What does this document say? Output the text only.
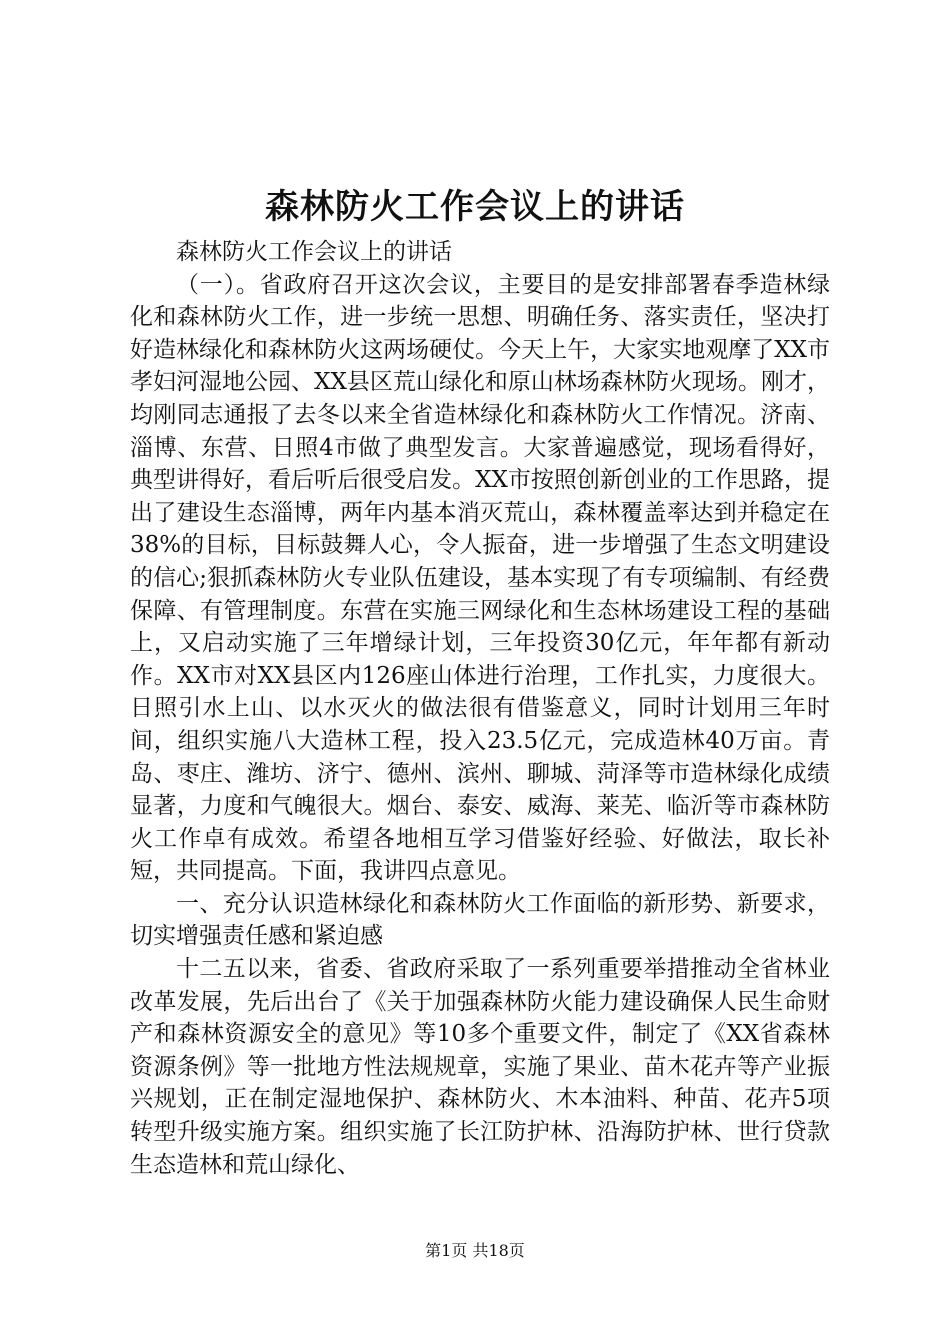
森林防火工作会议上的讲话

森林防火工作会议上的讲话

（一）。省政府召开这次会议，主要目的是安排部署春季造林绿化和森林防火工作，进一步统一思想、明确任务、落实责任，坚决打好造林绿化和森林防火这两场硬仗。今天上午，大家实地观摩了XX市孝妇河湿地公园、XX县区荒山绿化和原山林场森林防火现场。刚才，均刚同志通报了去冬以来全省造林绿化和森林防火工作情况。济南、淄博、东营、日照4市做了典型发言。大家普遍感觉，现场看得好，典型讲得好，看后听后很受启发。XX市按照创新创业的工作思路，提出了建设生态淄博，两年内基本消灭荒山，森林覆盖率达到并稳定在38%的目标，目标鼓舞人心，令人振奋，进一步增强了生态文明建设的信心;狠抓森林防火专业队伍建设，基本实现了有专项编制、有经费保障、有管理制度。东营在实施三网绿化和生态林场建设工程的基础上，又启动实施了三年增绿计划，三年投资30亿元，年年都有新动作。XX市对XX县区内126座山体进行治理，工作扎实，力度很大。日照引水上山、以水灭火的做法很有借鉴意义，同时计划用三年时间，组织实施八大造林工程，投入23.5亿元，完成造林40万亩。青岛、枣庄、潍坊、济宁、德州、滨州、聊城、菏泽等市造林绿化成绩显著，力度和气魄很大。烟台、泰安、威海、莱芜、临沂等市森林防火工作卓有成效。希望各地相互学习借鉴好经验、好做法，取长补短，共同提高。下面，我讲四点意见。

一、充分认识造林绿化和森林防火工作面临的新形势、新要求，切实增强责任感和紧迫感

十二五以来，省委、省政府采取了一系列重要举措推动全省林业改革发展，先后出台了《关于加强森林防火能力建设确保人民生命财产和森林资源安全的意见》等10多个重要文件，制定了《XX省森林资源条例》等一批地方性法规规章，实施了果业、苗木花卉等产业振兴规划，正在制定湿地保护、森林防火、木本油料、种苗、花卉5项转型升级实施方案。组织实施了长江防护林、沿海防护林、世行贷款生态造林和荒山绿化、

第1页 共18页
